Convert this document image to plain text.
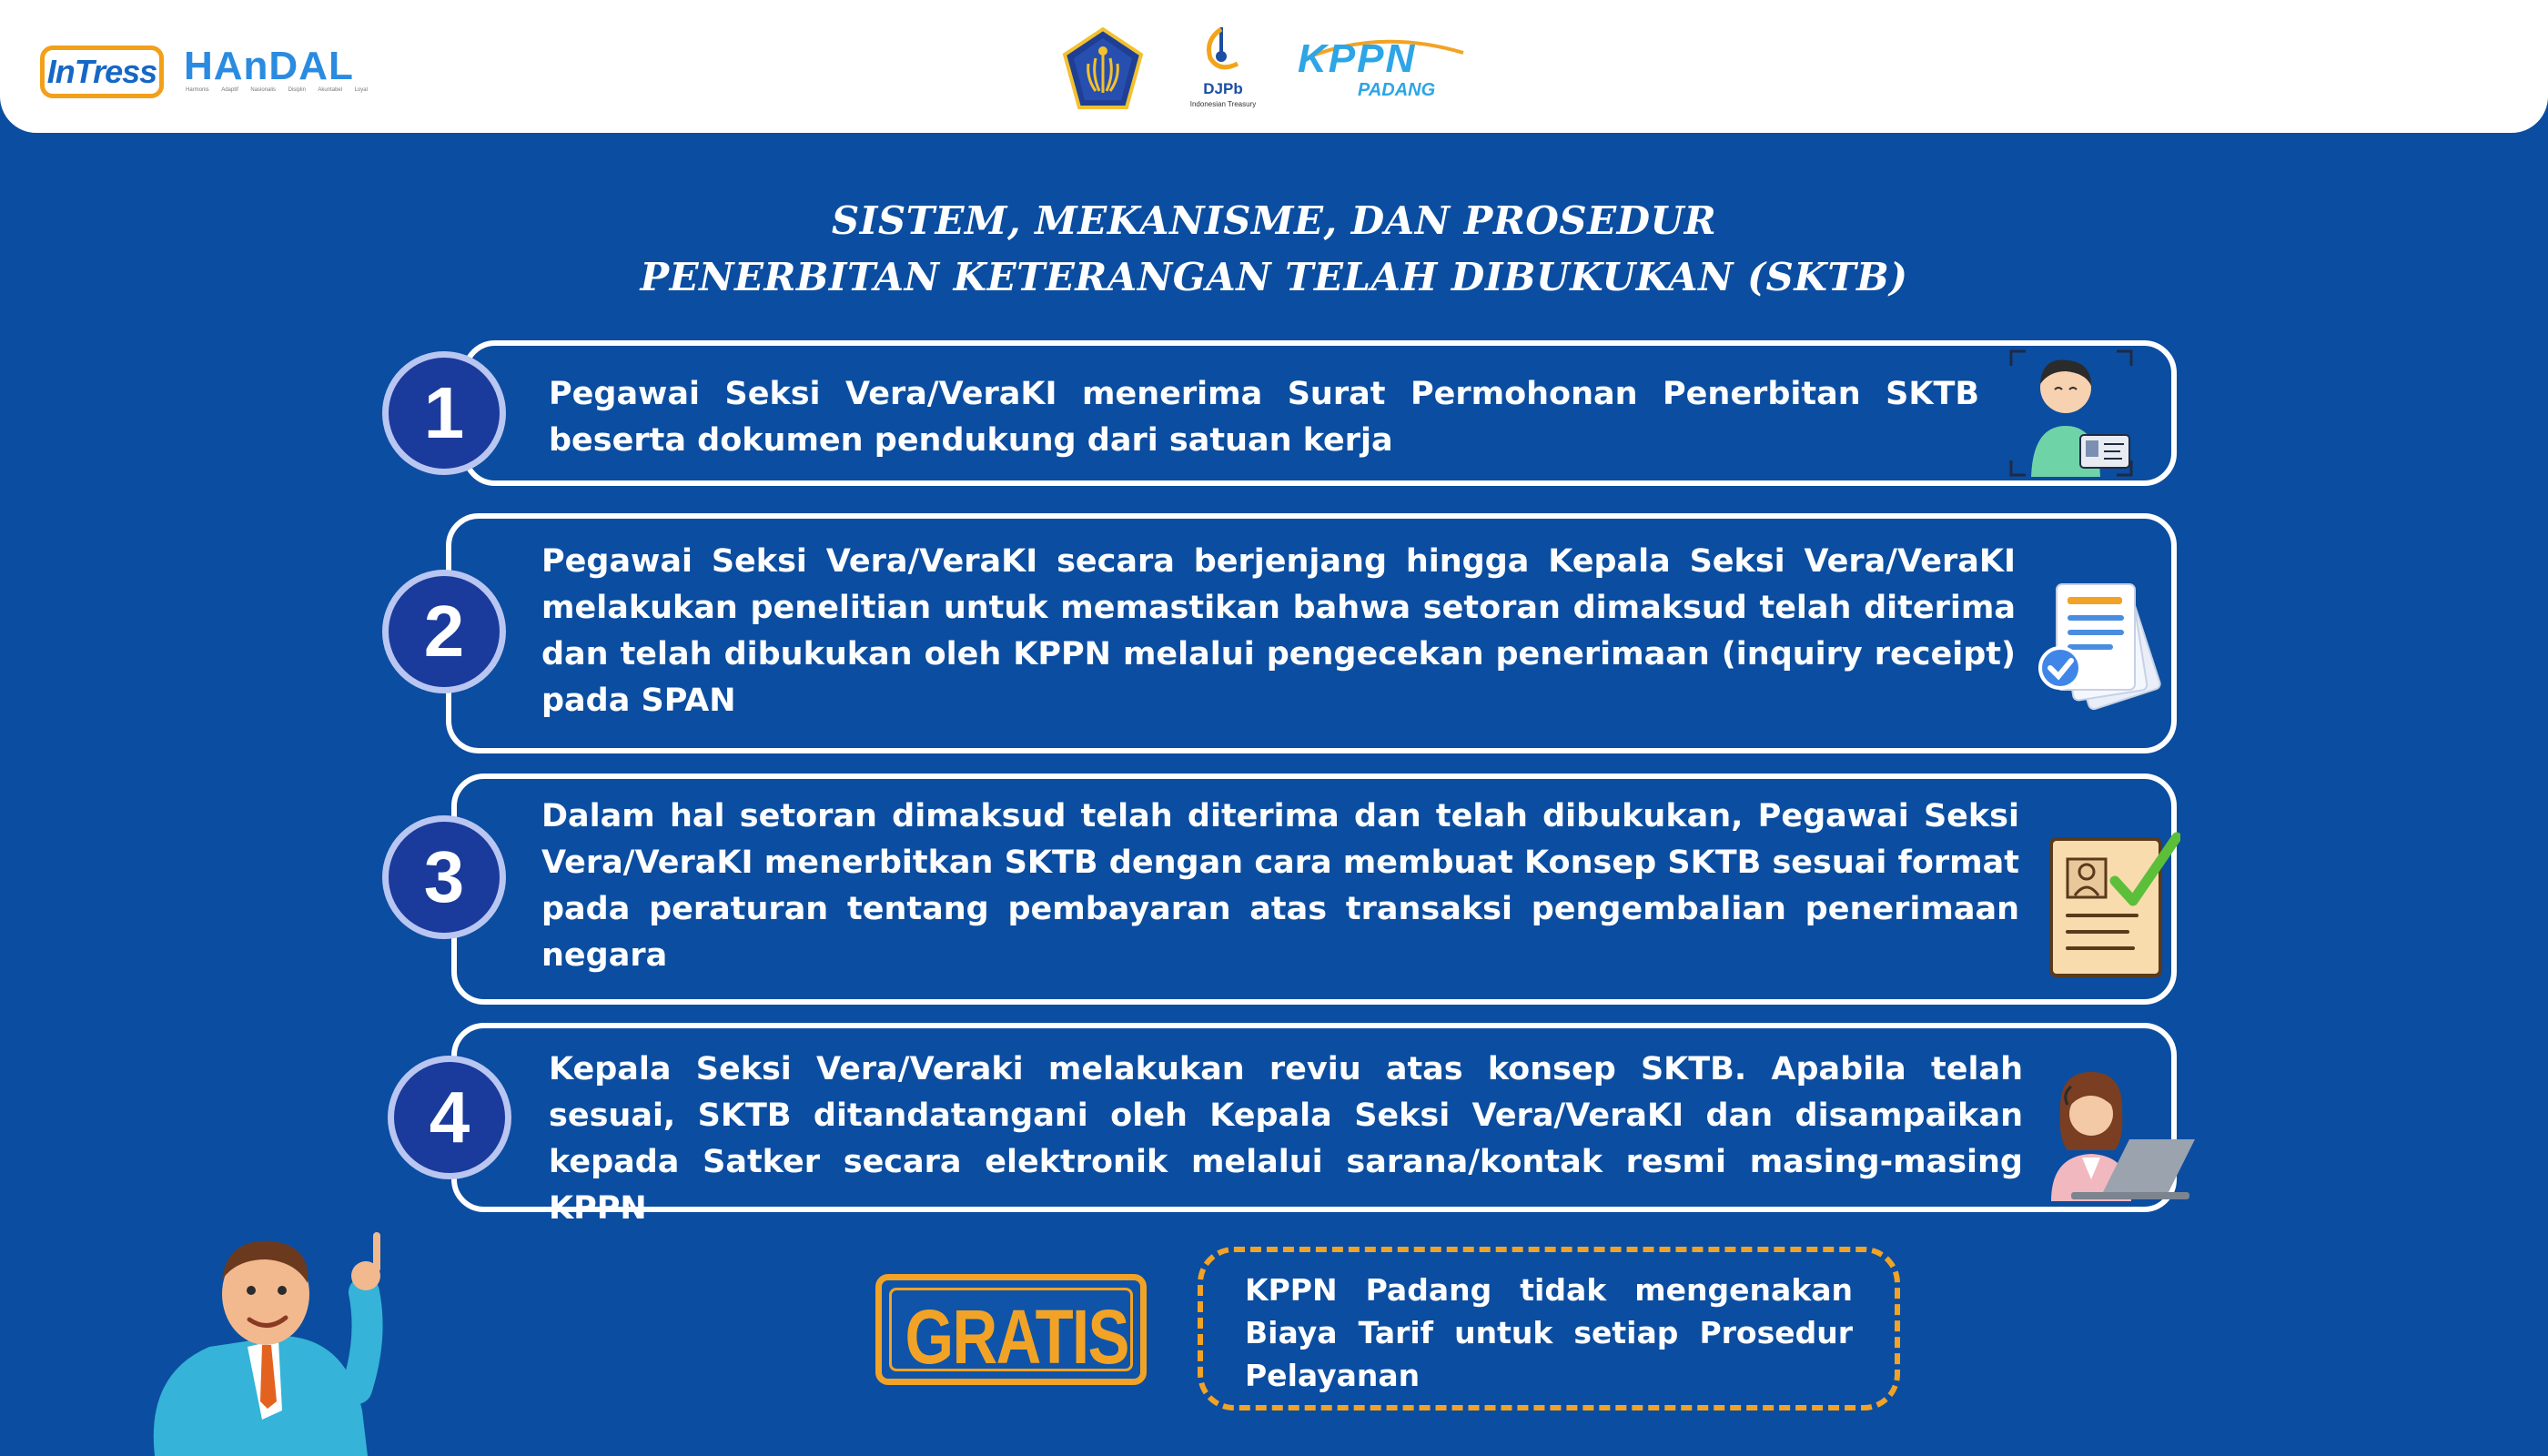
InTress HAnDAL
Harmonis Adaptif Nasionalis Disiplin Akuntabel Loyal	DJPb
Indonesian Treasury
KPPN
PADANG
SISTEM, MEKANISME, DAN PROSEDUR
PENERBITAN KETERANGAN TELAH DIBUKUKAN (SKTB)
1	Pegawai Seksi Vera/VeraKI menerima Surat Permohonan Penerbitan SKTB beserta dokumen pendukung dari satuan kerja
2
Pegawai Seksi Vera/VeraKI secara berjenjang hingga Kepala Seksi Vera/VeraKI melakukan penelitian untuk memastikan bahwa setoran dimaksud telah diterima dan telah dibukukan oleh KPPN melalui pengecekan penerimaan (inquiry receipt) pada SPAN
3
Dalam hal setoran dimaksud telah diterima dan telah dibukukan, Pegawai Seksi Vera/VeraKI menerbitkan SKTB dengan cara membuat Konsep SKTB sesuai format pada peraturan tentang pembayaran atas transaksi pengembalian penerimaan negara
4
Kepala Seksi Vera/Veraki melakukan reviu atas konsep SKTB. Apabila telah sesuai, SKTB ditandatangani oleh Kepala Seksi Vera/VeraKI dan disampaikan kepada Satker secara elektronik melalui sarana/kontak resmi masing-masing KPPN
GRATIS
KPPN Padang tidak mengenakan Biaya Tarif untuk setiap Prosedur Pelayanan
